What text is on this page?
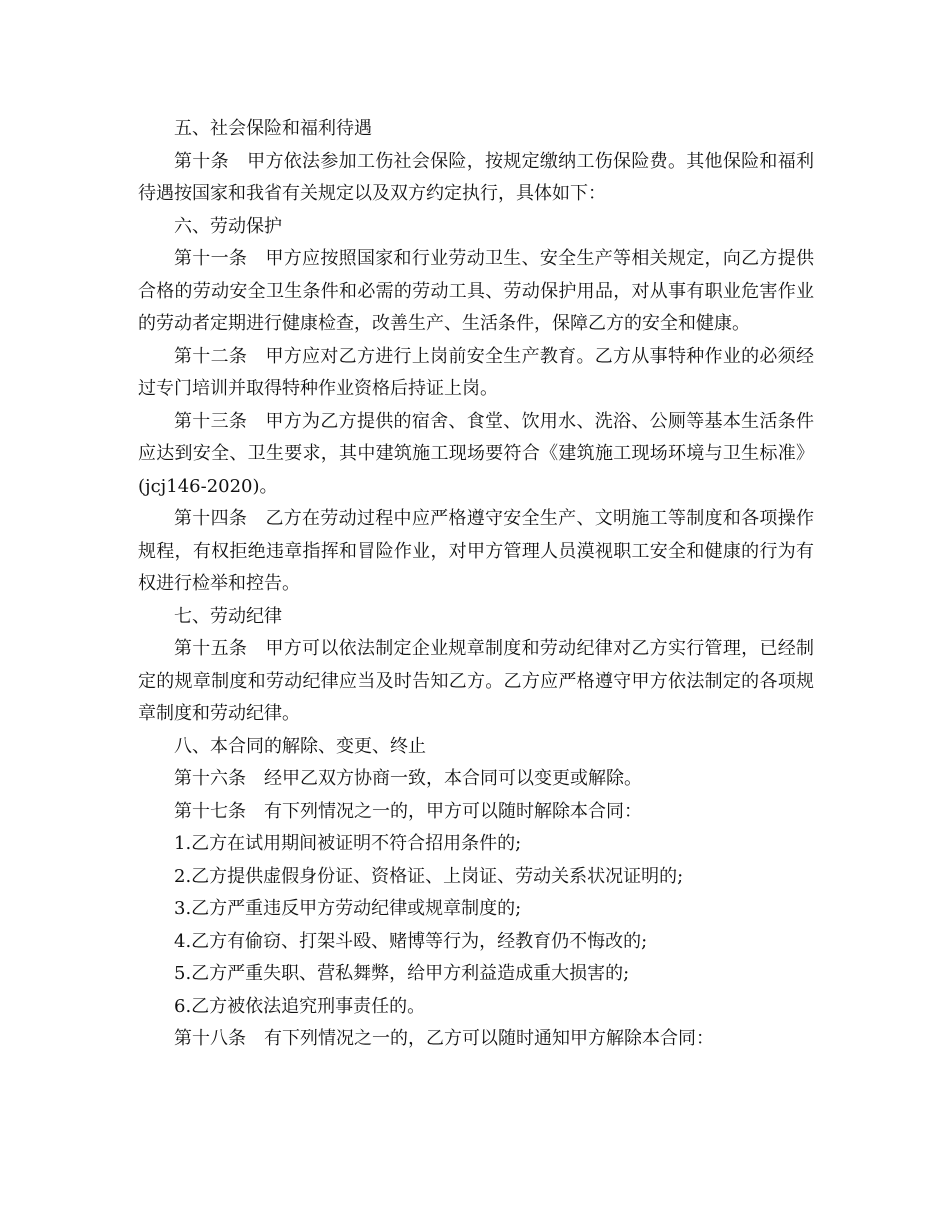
五、社会保险和福利待遇

第十条　甲方依法参加工伤社会保险，按规定缴纳工伤保险费。其他保险和福利待遇按国家和我省有关规定以及双方约定执行，具体如下：

六、劳动保护

第十一条　甲方应按照国家和行业劳动卫生、安全生产等相关规定，向乙方提供合格的劳动安全卫生条件和必需的劳动工具、劳动保护用品，对从事有职业危害作业的劳动者定期进行健康检查，改善生产、生活条件，保障乙方的安全和健康。

第十二条　甲方应对乙方进行上岗前安全生产教育。乙方从事特种作业的必须经过专门培训并取得特种作业资格后持证上岗。

第十三条　甲方为乙方提供的宿舍、食堂、饮用水、洗浴、公厕等基本生活条件应达到安全、卫生要求，其中建筑施工现场要符合《建筑施工现场环境与卫生标准》(jcj146-2020)。

第十四条　乙方在劳动过程中应严格遵守安全生产、文明施工等制度和各项操作规程，有权拒绝违章指挥和冒险作业，对甲方管理人员漠视职工安全和健康的行为有权进行检举和控告。

七、劳动纪律

第十五条　甲方可以依法制定企业规章制度和劳动纪律对乙方实行管理，已经制定的规章制度和劳动纪律应当及时告知乙方。乙方应严格遵守甲方依法制定的各项规章制度和劳动纪律。

八、本合同的解除、变更、终止

第十六条　经甲乙双方协商一致，本合同可以变更或解除。

第十七条　有下列情况之一的，甲方可以随时解除本合同：

1.乙方在试用期间被证明不符合招用条件的;

2.乙方提供虚假身份证、资格证、上岗证、劳动关系状况证明的;

3.乙方严重违反甲方劳动纪律或规章制度的;

4.乙方有偷窃、打架斗殴、赌博等行为，经教育仍不悔改的;

5.乙方严重失职、营私舞弊，给甲方利益造成重大损害的;

6.乙方被依法追究刑事责任的。

第十八条　有下列情况之一的，乙方可以随时通知甲方解除本合同：
